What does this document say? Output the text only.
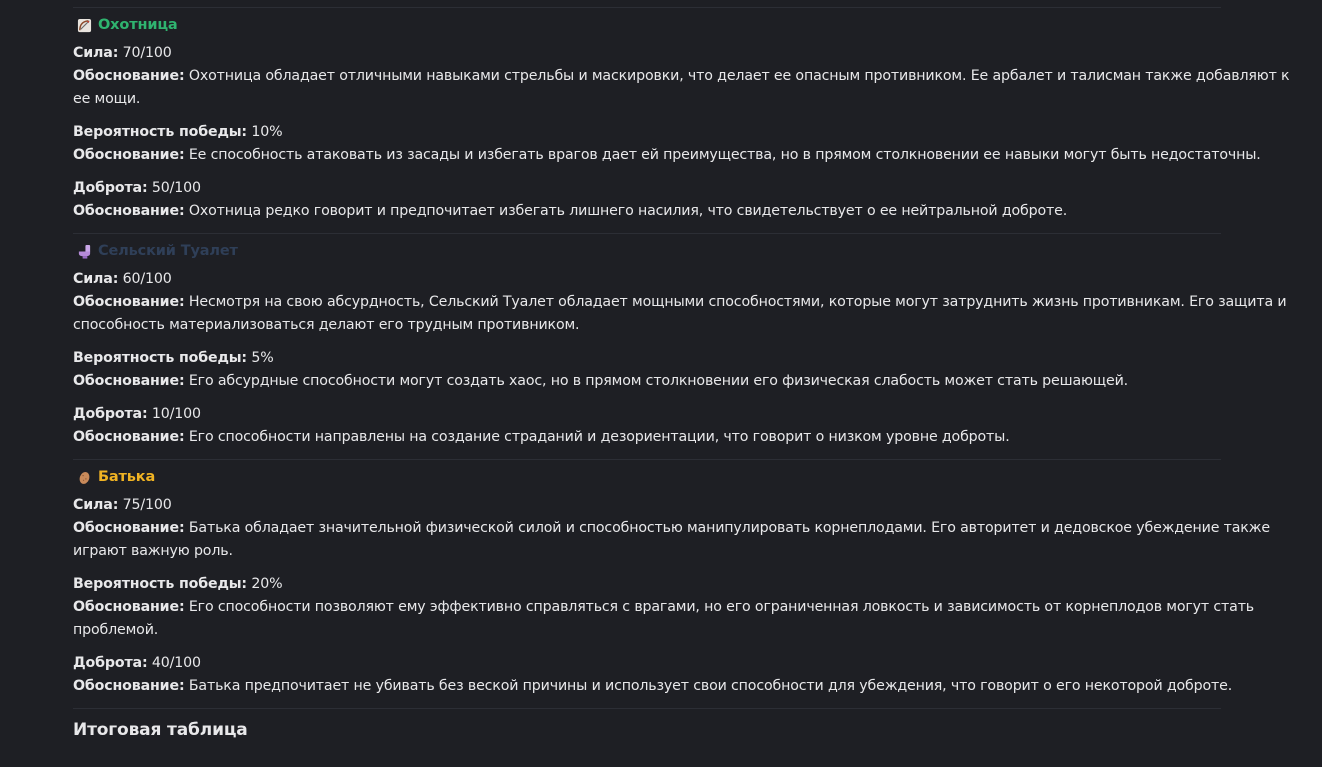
Охотница

Сила: 70/100

Обоснование: Охотница обладает отличными навыками стрельбы и маскировки, что делает ее опасным противником. Ее арбалет и талисман также добавляют к ее мощи.

Вероятность победы: 10%

Обоснование: Ее способность атаковать из засады и избегать врагов дает ей преимущества, но в прямом столкновении ее навыки могут быть недостаточны.

Доброта: 50/100

Обоснование: Охотница редко говорит и предпочитает избегать лишнего насилия, что свидетельствует о ее нейтральной доброте.

Сельский Туалет

Сила: 60/100

Обоснование: Несмотря на свою абсурдность, Сельский Туалет обладает мощными способностями, которые могут затруднить жизнь противникам. Его защита и способность материализоваться делают его трудным противником.

Вероятность победы: 5%

Обоснование: Его абсурдные способности могут создать хаос, но в прямом столкновении его физическая слабость может стать решающей.

Доброта: 10/100

Обоснование: Его способности направлены на создание страданий и дезориентации, что говорит о низком уровне доброты.

Батька

Сила: 75/100

Обоснование: Батька обладает значительной физической силой и способностью манипулировать корнеплодами. Его авторитет и дедовское убеждение также играют важную роль.

Вероятность победы: 20%

Обоснование: Его способности позволяют ему эффективно справляться с врагами, но его ограниченная ловкость и зависимость от корнеплодов могут стать проблемой.

Доброта: 40/100

Обоснование: Батька предпочитает не убивать без веской причины и использует свои способности для убеждения, что говорит о его некоторой доброте.

Итоговая таблица
